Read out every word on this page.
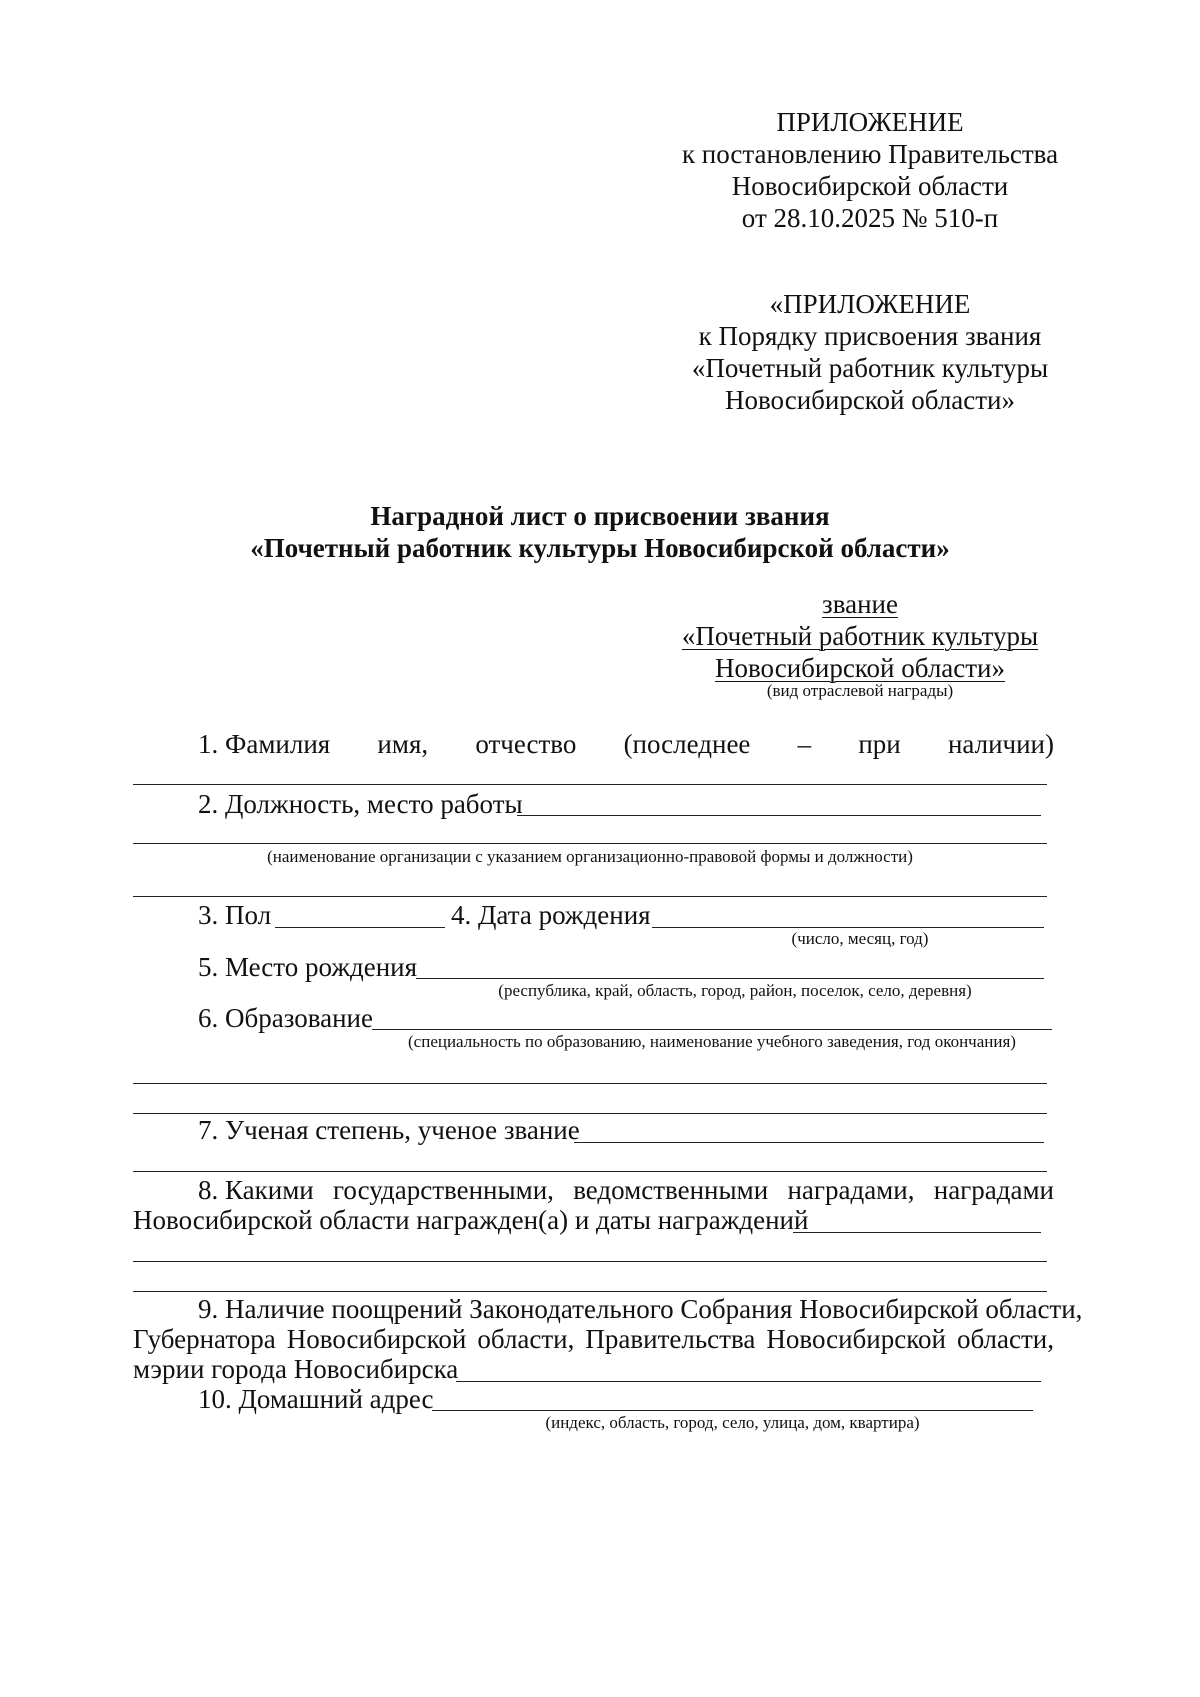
ПРИЛОЖЕНИЕ
к постановлению Правительства
Новосибирской области
от 28.10.2025 № 510-п
«ПРИЛОЖЕНИЕ
к Порядку присвоения звания
«Почетный работник культуры
Новосибирской области»
Наградной лист о присвоении звания
«Почетный работник культуры Новосибирской области»
звание
«Почетный работник культуры
Новосибирской области»
(вид отраслевой награды)
1. Фамилия имя, отчество (последнее – при наличии)
2. Должность, место работы
(наименование организации с указанием организационно-правовой формы и должности)
3. Пол	4. Дата рождения
(число, месяц, год)
5. Место рождения
(республика, край, область, город, район, поселок, село, деревня)
6. Образование
(специальность по образованию, наименование учебного заведения, год окончания)
7. Ученая степень, ученое звание
8. Какими государственными, ведомственными наградами, наградами
Новосибирской области награжден(а) и даты награждений
9. Наличие поощрений Законодательного Собрания Новосибирской области,
Губернатора Новосибирской области, Правительства Новосибирской области,
мэрии города Новосибирска
10. Домашний адрес
(индекс, область, город, село, улица, дом, квартира)
